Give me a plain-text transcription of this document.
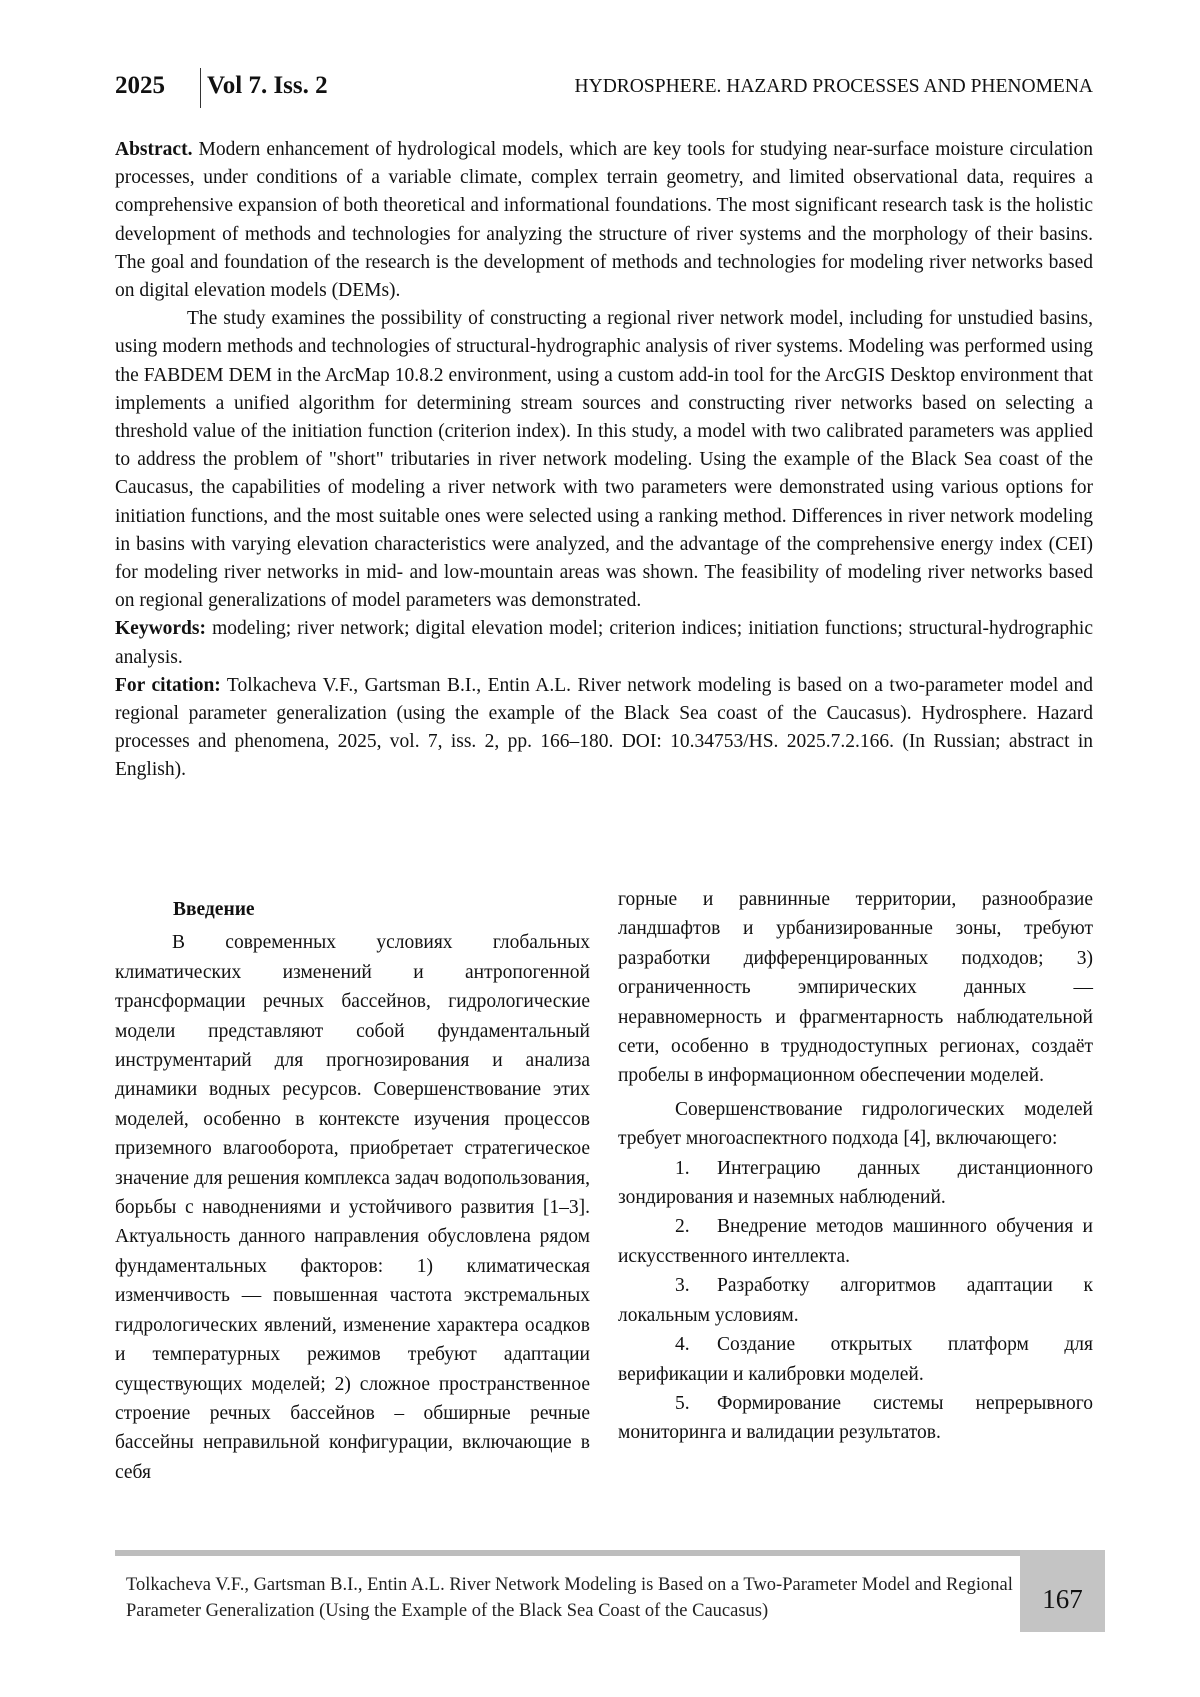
2025 Vol 7. Iss. 2	HYDROSPHERE. HAZARD PROCESSES AND PHENOMENA

Abstract. Modern enhancement of hydrological models, which are key tools for studying near-surface moisture circulation processes, under conditions of a variable climate, complex terrain geometry, and limited observational data, requires a comprehensive expansion of both theoretical and informational foundations. The most significant research task is the holistic development of methods and technologies for analyzing the structure of river systems and the morphology of their basins. The goal and foundation of the research is the development of methods and technologies for modeling river networks based on digital elevation models (DEMs).

The study examines the possibility of constructing a regional river network model, including for unstudied basins, using modern methods and technologies of structural-hydrographic analysis of river systems. Modeling was performed using the FABDEM DEM in the ArcMap 10.8.2 environment, using a custom add-in tool for the ArcGIS Desktop environment that implements a unified algorithm for determining stream sources and constructing river networks based on selecting a threshold value of the initiation function (criterion index). In this study, a model with two calibrated parameters was applied to address the problem of "short" tributaries in river network modeling. Using the example of the Black Sea coast of the Caucasus, the capabilities of modeling a river network with two parameters were demonstrated using various options for initiation functions, and the most suitable ones were selected using a ranking method. Differences in river network modeling in basins with varying elevation characteristics were analyzed, and the advantage of the comprehensive energy index (CEI) for modeling river networks in mid- and low-mountain areas was shown. The feasibility of modeling river networks based on regional generalizations of model parameters was demonstrated.

Keywords: modeling; river network; digital elevation model; criterion indices; initiation functions; structural-hydrographic analysis.

For citation: Tolkacheva V.F., Gartsman B.I., Entin A.L. River network modeling is based on a two-parameter model and regional parameter generalization (using the example of the Black Sea coast of the Caucasus). Hydrosphere. Hazard processes and phenomena, 2025, vol. 7, iss. 2, pp. 166–180. DOI: 10.34753/HS. 2025.7.2.166. (In Russian; abstract in English).

Введение

В современных условиях глобальных климатических изменений и антропогенной трансформации речных бассейнов, гидрологические модели представляют собой фундаментальный инструментарий для прогнозирования и анализа динамики водных ресурсов. Совершенствование этих моделей, особенно в контексте изучения процессов приземного влагооборота, приобретает стратегическое значение для решения комплекса задач водопользования, борьбы с наводнениями и устойчивого развития [1–3]. Актуальность данного направления обусловлена рядом фундаментальных факторов: 1) климатическая изменчивость — повышенная частота экстремальных гидрологических явлений, изменение характера осадков и температурных режимов требуют адаптации существующих моделей; 2) сложное пространственное строение речных бассейнов – обширные речные бассейны неправильной конфигурации, включающие в себя

горные и равнинные территории, разнообразие ландшафтов и урбанизированные зоны, требуют разработки дифференцированных подходов; 3) ограниченность эмпирических данных — неравномерность и фрагментарность наблюдательной сети, особенно в труднодоступных регионах, создаёт пробелы в информационном обеспечении моделей.

Совершенствование гидрологических моделей требует многоаспектного подхода [4], включающего:

1. Интеграцию данных дистанционного зондирования и наземных наблюдений.

2. Внедрение методов машинного обучения и искусственного интеллекта.

3. Разработку алгоритмов адаптации к локальным условиям.

4. Создание открытых платформ для верификации и калибровки моделей.

5. Формирование системы непрерывного мониторинга и валидации результатов.

Tolkacheva V.F., Gartsman B.I., Entin A.L. River Network Modeling is Based on a Two-Parameter Model and Regional Parameter Generalization (Using the Example of the Black Sea Coast of the Caucasus)	167
